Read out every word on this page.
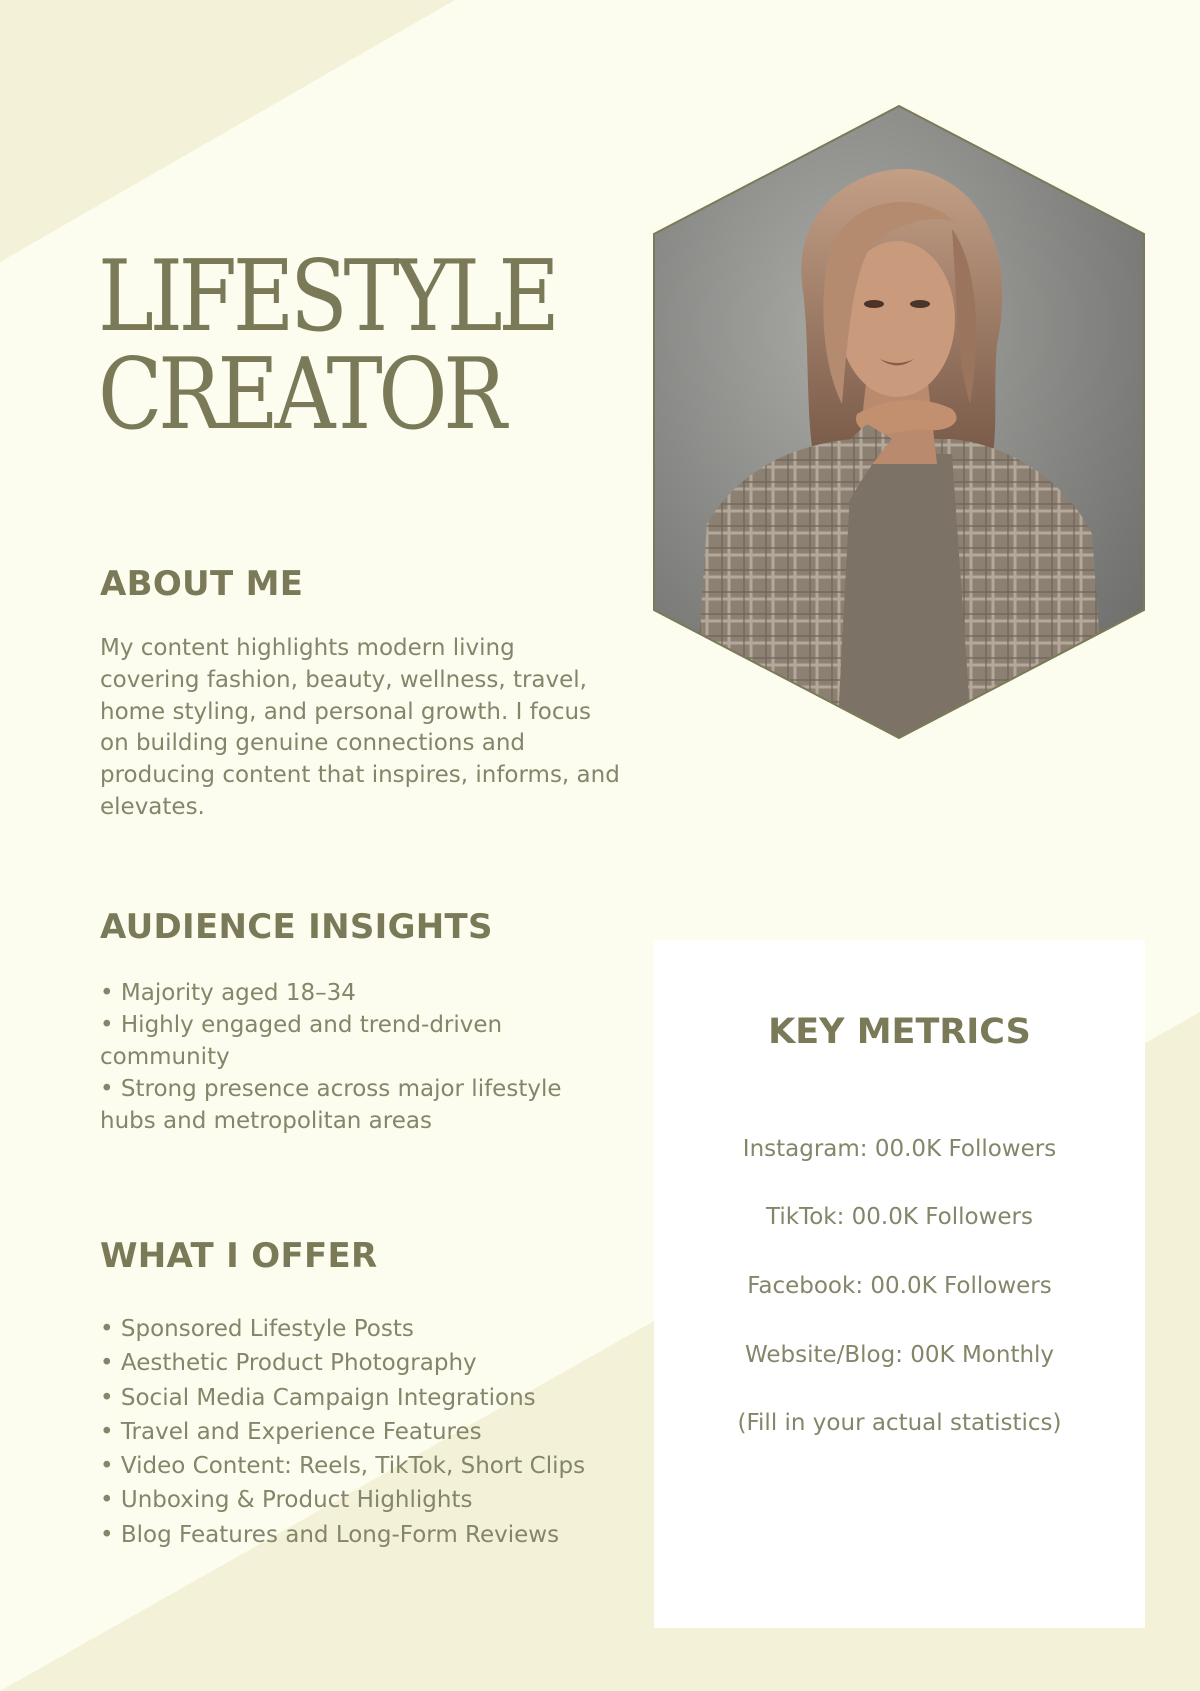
LIFESTYLE
CREATOR
ABOUT ME

My content highlights modern living covering fashion, beauty, wellness, travel, home styling, and personal growth. I focus on building genuine connections and producing content that inspires, informs, and elevates.

AUDIENCE INSIGHTS
• Majority aged 18–34
• Highly engaged and trend-driven community
• Strong presence across major lifestyle hubs and metropolitan areas
WHAT I OFFER
• Sponsored Lifestyle Posts
• Aesthetic Product Photography
• Social Media Campaign Integrations
• Travel and Experience Features
• Video Content: Reels, TikTok, Short Clips
• Unboxing & Product Highlights
• Blog Features and Long-Form Reviews
KEY METRICS

Instagram: 00.0K Followers

TikTok: 00.0K Followers

Facebook: 00.0K Followers

Website/Blog: 00K Monthly

(Fill in your actual statistics)
